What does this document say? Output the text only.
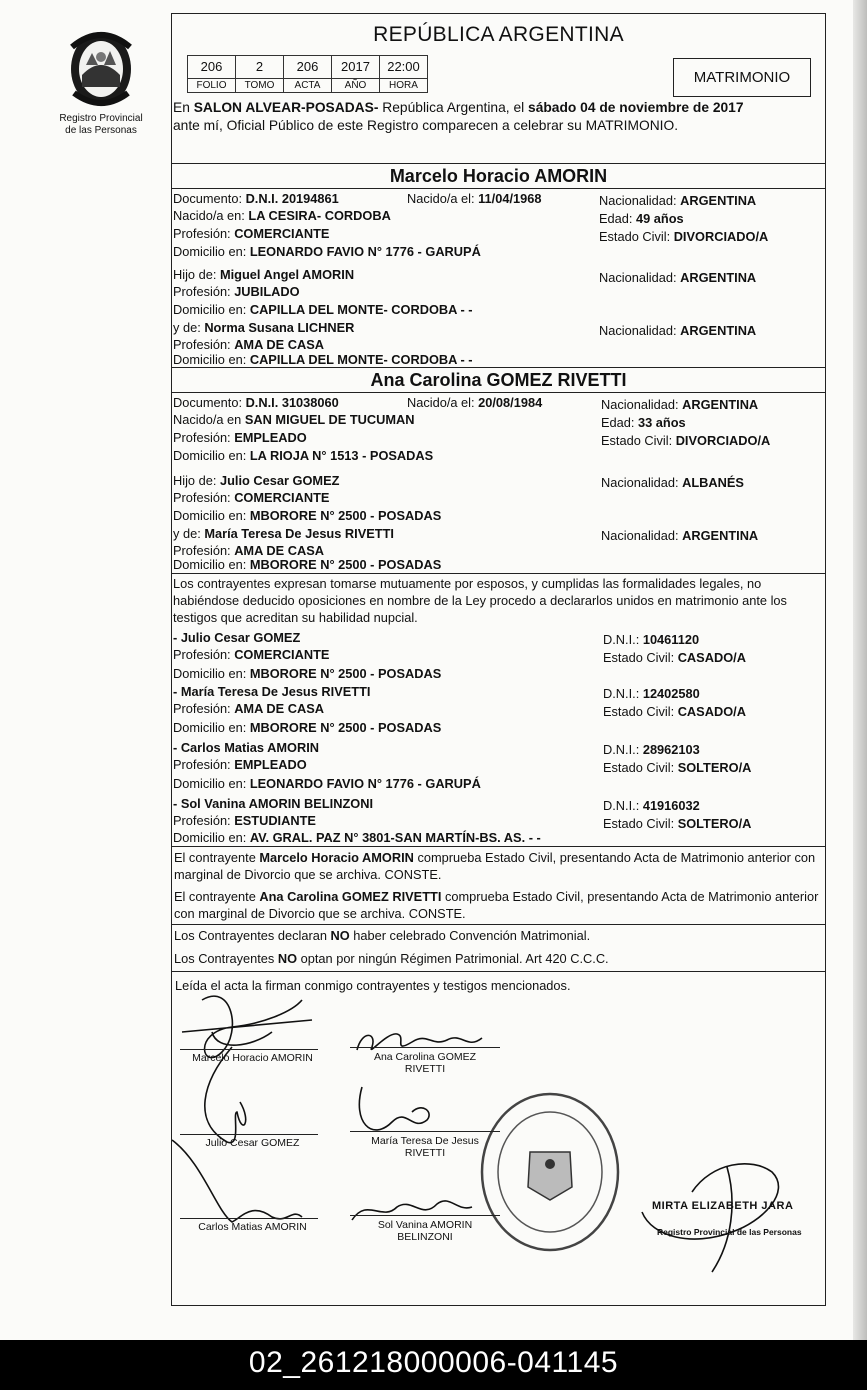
Registro Provincial
de las Personas
REPÚBLICA ARGENTINA
206
FOLIO
2
TOMO
206
ACTA
2017
AÑO
22:00
HORA	MATRIMONIO
En SALON ALVEAR-POSADAS- República Argentina, el sábado 04 de noviembre de 2017
ante mí, Oficial Público de este Registro comparecen a celebrar su MATRIMONIO.
Marcelo Horacio AMORIN
Documento: D.N.I. 20194861	Nacido/a el: 11/04/1968	Nacionalidad: ARGENTINA
Nacido/a en: LA CESIRA- CORDOBA	Edad: 49 años
Profesión: COMERCIANTE	Estado Civil: DIVORCIADO/A
Domicilio en: LEONARDO FAVIO N° 1776 - GARUPÁ
Hijo de: Miguel Angel AMORIN	Nacionalidad: ARGENTINA
Profesión: JUBILADO
Domicilio en: CAPILLA DEL MONTE- CORDOBA - -
y de: Norma Susana LICHNER	Nacionalidad: ARGENTINA
Profesión: AMA DE CASA
Domicilio en: CAPILLA DEL MONTE- CORDOBA - -
Ana Carolina GOMEZ RIVETTI
Documento: D.N.I. 31038060	Nacido/a el: 20/08/1984	Nacionalidad: ARGENTINA
Nacido/a en SAN MIGUEL DE TUCUMAN	Edad: 33 años
Profesión: EMPLEADO	Estado Civil: DIVORCIADO/A
Domicilio en: LA RIOJA N° 1513 - POSADAS
Hijo de: Julio Cesar GOMEZ	Nacionalidad: ALBANÉS
Profesión: COMERCIANTE
Domicilio en: MBORORE N° 2500 - POSADAS
y de: María Teresa De Jesus RIVETTI	Nacionalidad: ARGENTINA
Profesión: AMA DE CASA
Domicilio en: MBORORE N° 2500 - POSADAS
Los contrayentes expresan tomarse mutuamente por esposos, y cumplidas las formalidades legales, no habiéndose deducido oposiciones en nombre de la Ley procedo a declararlos unidos en matrimonio ante los testigos que acreditan su habilidad nupcial.
- Julio Cesar GOMEZ	D.N.I.: 10461120
Profesión: COMERCIANTE	Estado Civil: CASADO/A
Domicilio en: MBORORE N° 2500 - POSADAS
- María Teresa De Jesus RIVETTI	D.N.I.: 12402580
Profesión: AMA DE CASA	Estado Civil: CASADO/A
Domicilio en: MBORORE N° 2500 - POSADAS
- Carlos Matias AMORIN	D.N.I.: 28962103
Profesión: EMPLEADO	Estado Civil: SOLTERO/A
Domicilio en: LEONARDO FAVIO N° 1776 - GARUPÁ
- Sol Vanina AMORIN BELINZONI	D.N.I.: 41916032
Profesión: ESTUDIANTE	Estado Civil: SOLTERO/A
Domicilio en: AV. GRAL. PAZ N° 3801-SAN MARTÍN-BS. AS. - -
El contrayente Marcelo Horacio AMORIN comprueba Estado Civil, presentando Acta de Matrimonio anterior con marginal de Divorcio que se archiva. CONSTE.
El contrayente Ana Carolina GOMEZ RIVETTI comprueba Estado Civil, presentando Acta de Matrimonio anterior con marginal de Divorcio que se archiva. CONSTE.
Los Contrayentes declaran NO haber celebrado Convención Matrimonial.
Los Contrayentes NO optan por ningún Régimen Patrimonial. Art 420 C.C.C.
Leída el acta la firman conmigo contrayentes y testigos mencionados.
Marcelo Horacio AMORIN	Ana Carolina GOMEZ
RIVETTI
Julio Cesar GOMEZ	María Teresa De Jesus
RIVETTI
Carlos Matias AMORIN	Sol Vanina AMORIN
BELINZONI
MIRTA ELIZABETH JARA
Registro Provincial de las Personas
02_261218000006-041145
